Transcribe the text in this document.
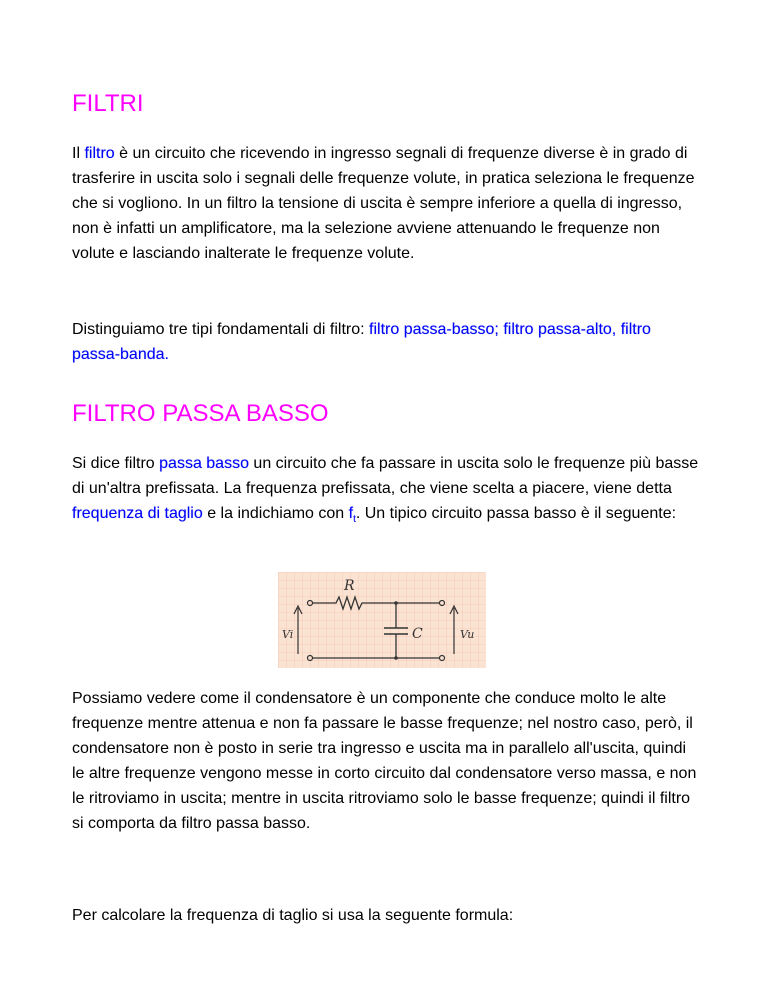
FILTRI

Il filtro è un circuito che ricevendo in ingresso segnali di frequenze diverse è in grado di trasferire in uscita solo i segnali delle frequenze volute, in pratica seleziona le frequenze che si vogliono. In un filtro la tensione di uscita è sempre inferiore a quella di ingresso, non è infatti un amplificatore, ma la selezione avviene attenuando le frequenze non volute e lasciando inalterate le frequenze volute.

Distinguiamo tre tipi fondamentali di filtro: filtro passa-basso; filtro passa-alto, filtro passa-banda.

FILTRO PASSA BASSO

Si dice filtro passa basso un circuito che fa passare in uscita solo le frequenze più basse di un'altra prefissata. La frequenza prefissata, che viene scelta a piacere, viene detta frequenza di taglio e la indichiamo con $f_t$. Un tipico circuito passa basso è il seguente:

R
C
Vi	Vu

Possiamo vedere come il condensatore è un componente che conduce molto le alte frequenze mentre attenua e non fa passare le basse frequenze; nel nostro caso, però, il condensatore non è posto in serie tra ingresso e uscita ma in parallelo all'uscita, quindi le altre frequenze vengono messe in corto circuito dal condensatore verso massa, e non le ritroviamo in uscita; mentre in uscita ritroviamo solo le basse frequenze; quindi il filtro si comporta da filtro passa basso.

Per calcolare la frequenza di taglio si usa la seguente formula:
